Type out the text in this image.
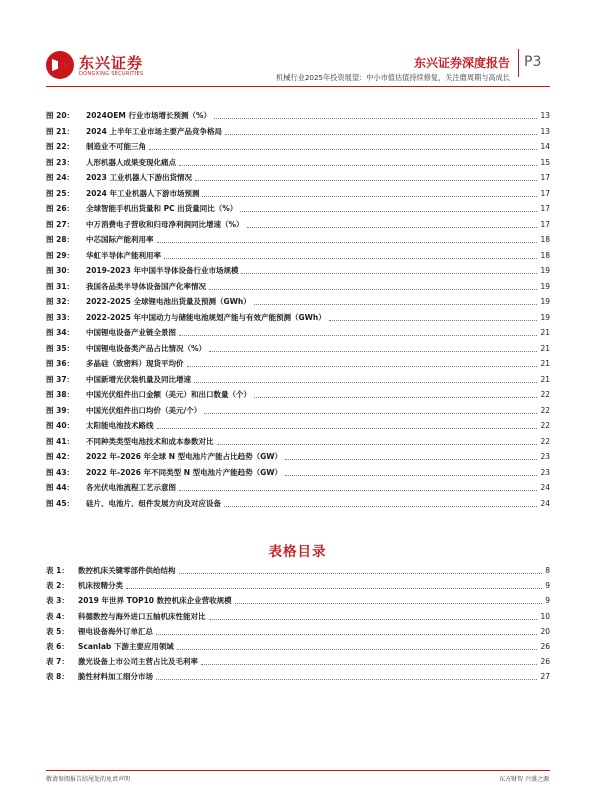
东兴证券
DONGXING SECURITIES
东兴证券深度报告 P3
机械行业2025年投资展望：中小市值估值持续修复，关注磨周期与高成长
图 20： 2024OEM 行业市场增长预测（%）	13
图 21： 2024 上半年工业市场主要产品竞争格局	13
图 22： 制造业不可能三角	14
图 23： 人形机器人成果变现化痛点	15
图 24： 2023 工业机器人下游出货情况	17
图 25： 2024 年工业机器人下游市场预测	17
图 26： 全球智能手机出货量和 PC 出货量同比（%）	17
图 27： 中万消费电子营收和归母净利润同比增速（%）	17
图 28： 中芯国际产能利用率	18
图 29： 华虹半导体产能利用率	18
图 30： 2019-2023 年中国半导体设备行业市场规模	19
图 31： 我国各品类半导体设备国产化率情况	19
图 32： 2022-2025 全球锂电池出货量及预测（GWh）	19
图 33： 2022-2025 年中国动力与储能电池规划产能与有效产能预测（GWh）	19
图 34： 中国锂电设备产业链全景图	21
图 35： 中国锂电设备类产品占比情况（%）	21
图 36： 多晶硅（致密料）现货平均价	21
图 37： 中国新增光伏装机量及同比增速	21
图 38： 中国光伏组件出口金额（美元）和出口数量（个）	22
图 39： 中国光伏组件出口均价（美元/个）	22
图 40： 太阳能电池技术路线	22
图 41： 不同种类类型电池技术和成本参数对比	22
图 42： 2022 年-2026 年全球 N 型电池片产能占比趋势（GW）	23
图 43： 2022 年-2026 年不同类型 N 型电池片产能趋势（GW）	23
图 44： 各光伏电池流程工艺示意图	24
图 45： 硅片、电池片、组件发展方向及对应设备	24
表格目录
表 1： 数控机床关键零部件供给结构	8
表 2： 机床按精分类	9
表 3： 2019 年世界 TOP10 数控机床企业营收规模	9
表 4： 科德数控与海外进口五轴机床性能对比	10
表 5： 锂电设备海外订单汇总	20
表 6： Scanlab 下游主要应用领域	26
表 7： 激光设备上市公司主营占比及毛利率	26
表 8： 脆性材料加工细分市场	27
敬请参阅报告结尾处的免责声明	东方财智 兴盛之源
